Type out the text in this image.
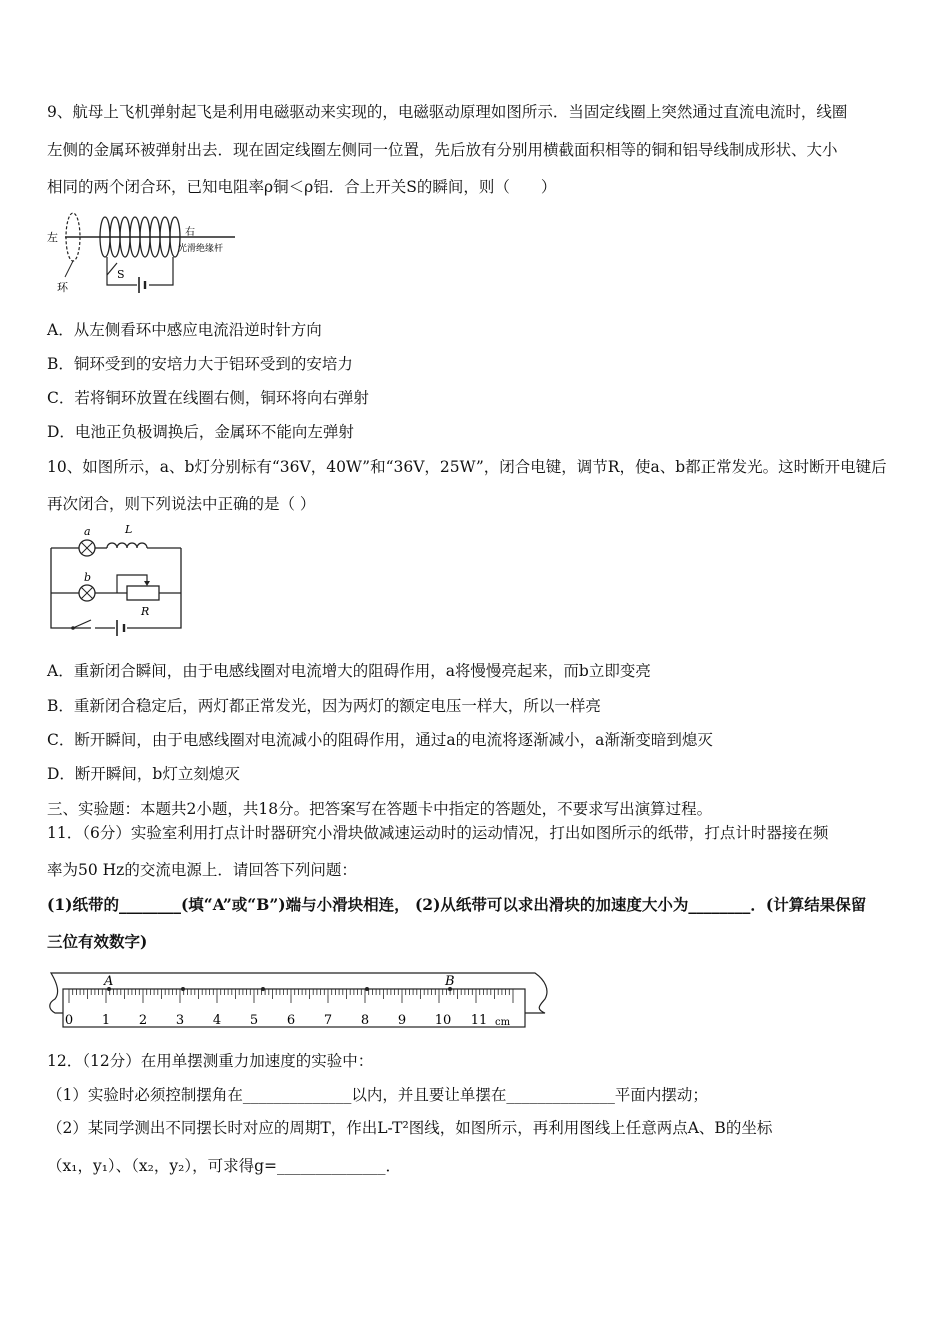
9、航母上飞机弹射起飞是利用电磁驱动来实现的，电磁驱动原理如图所示．当固定线圈上突然通过直流电流时，线圈
左侧的金属环被弹射出去．现在固定线圈左侧同一位置，先后放有分别用横截面积相等的铜和铝导线制成形状、大小
相同的两个闭合环，已知电阻率ρ铜＜ρ铝．合上开关S的瞬间，则（　　）
S
左	右
光滑绝缘杆
环
A．从左侧看环中感应电流沿逆时针方向
B．铜环受到的安培力大于铝环受到的安培力
C．若将铜环放置在线圈右侧，铜环将向右弹射
D．电池正负极调换后，金属环不能向左弹射
10、如图所示，a、b灯分别标有“36V，40W”和“36V，25W”，闭合电键，调节R，使a、b都正常发光。这时断开电键后
再次闭合，则下列说法中正确的是（ ）
a	L
b
R
A．重新闭合瞬间，由于电感线圈对电流增大的阻碍作用，a将慢慢亮起来，而b立即变亮
B．重新闭合稳定后，两灯都正常发光，因为两灯的额定电压一样大，所以一样亮
C．断开瞬间，由于电感线圈对电流减小的阻碍作用，通过a的电流将逐渐减小，a渐渐变暗到熄灭
D．断开瞬间，b灯立刻熄灭
三、实验题：本题共2小题，共18分。把答案写在答题卡中指定的答题处，不要求写出演算过程。
11．（6分）实验室利用打点计时器研究小滑块做减速运动时的运动情况，打出如图所示的纸带，打点计时器接在频
率为50 Hz的交流电源上．请回答下列问题：
(1)纸带的________(填“A”或“B”)端与小滑块相连， (2)从纸带可以求出滑块的加速度大小为________．(计算结果保留
三位有效数字)
0 1 2 3 4 5 6 7 8 9 10 11 cm
A	B
12．（12分）在用单摆测重力加速度的实验中：
（1）实验时必须控制摆角在______________以内，并且要让单摆在______________平面内摆动；
（2）某同学测出不同摆长时对应的周期T，作出L-T²图线，如图所示，再利用图线上任意两点A、B的坐标
（x₁，y₁）、（x₂，y₂），可求得g=______________．
